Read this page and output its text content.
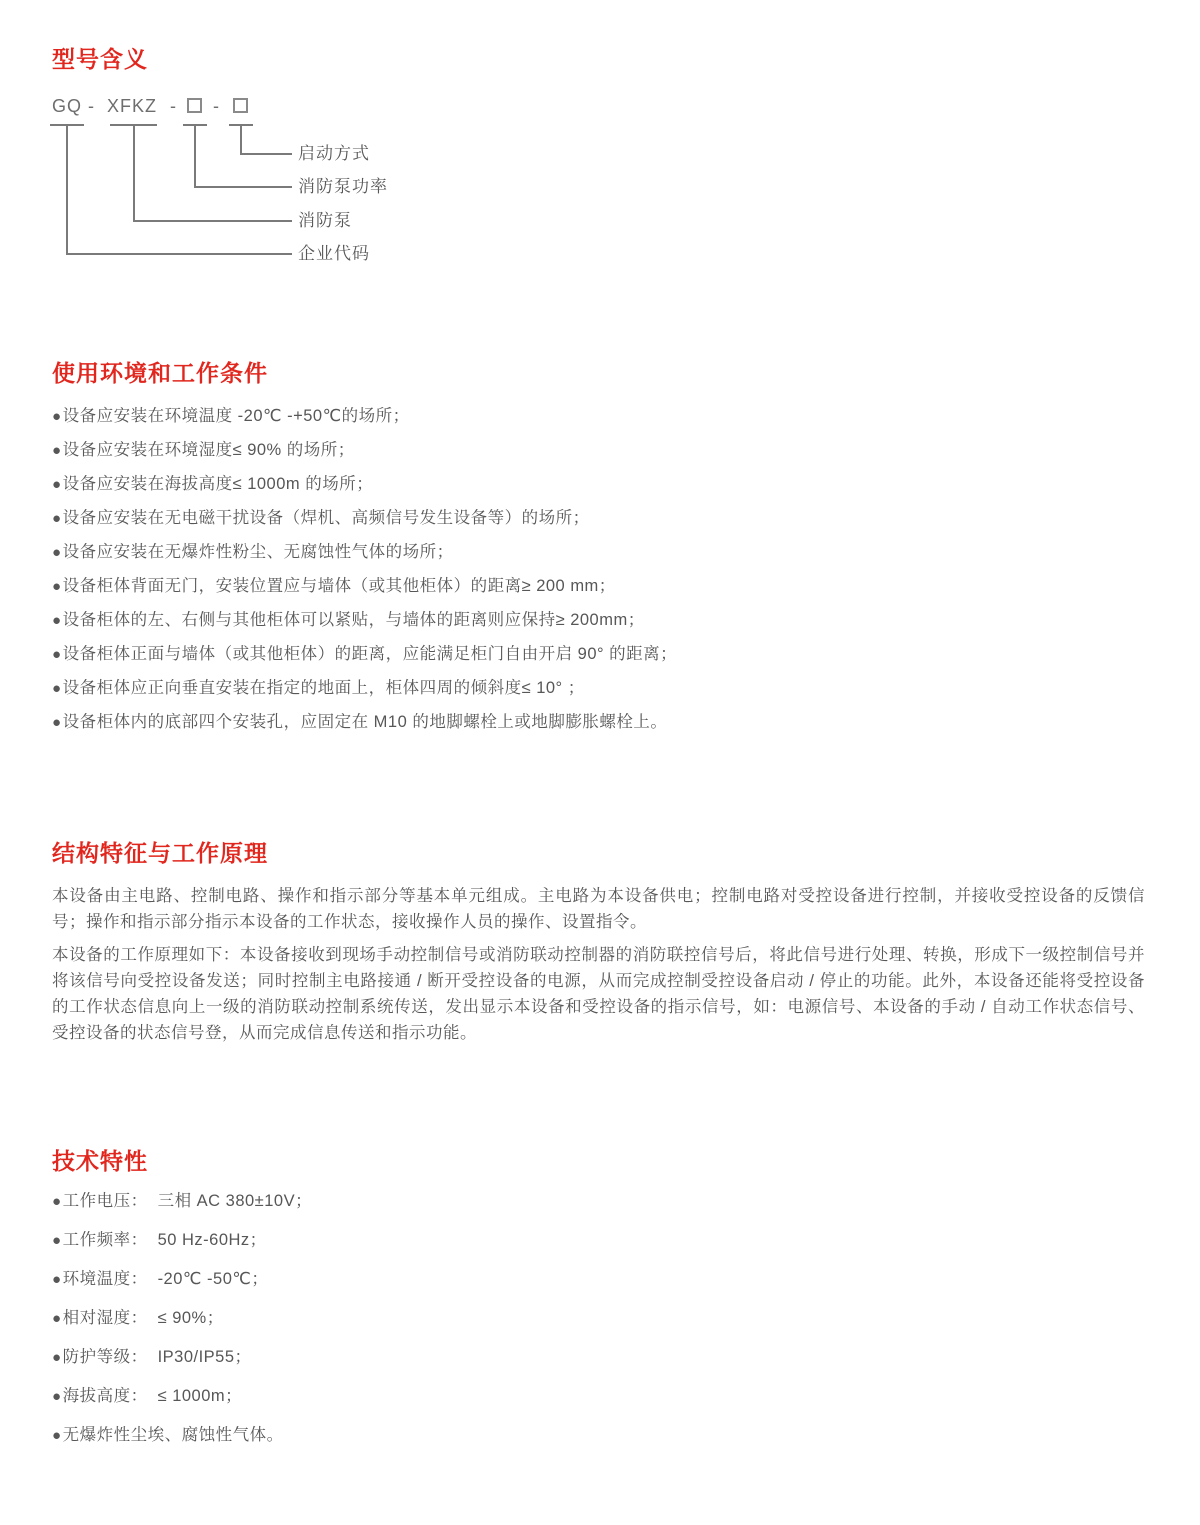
型号含义
GQ - XFKZ - -
启动方式
消防泵功率
消防泵
企业代码
使用环境和工作条件
●设备应安装在环境温度 -20℃ -+50℃的场所；
●设备应安装在环境湿度≤ 90% 的场所；
●设备应安装在海拔高度≤ 1000m 的场所；
●设备应安装在无电磁干扰设备（焊机、高频信号发生设备等）的场所；
●设备应安装在无爆炸性粉尘、无腐蚀性气体的场所；
●设备柜体背面无门，安装位置应与墙体（或其他柜体）的距离≥ 200 mm；
●设备柜体的左、右侧与其他柜体可以紧贴，与墙体的距离则应保持≥ 200mm；
●设备柜体正面与墙体（或其他柜体）的距离，应能满足柜门自由开启 90° 的距离；
●设备柜体应正向垂直安装在指定的地面上，柜体四周的倾斜度≤ 10° ；
●设备柜体内的底部四个安装孔，应固定在 M10 的地脚螺栓上或地脚膨胀螺栓上。
结构特征与工作原理

本设备由主电路、控制电路、操作和指示部分等基本单元组成。主电路为本设备供电；控制电路对受控设备进行控制，并接收受控设备的反馈信号；操作和指示部分指示本设备的工作状态，接收操作人员的操作、设置指令。

本设备的工作原理如下：本设备接收到现场手动控制信号或消防联动控制器的消防联控信号后，将此信号进行处理、转换，形成下一级控制信号并将该信号向受控设备发送；同时控制主电路接通 / 断开受控设备的电源，从而完成控制受控设备启动 / 停止的功能。此外，本设备还能将受控设备的工作状态信息向上一级的消防联动控制系统传送，发出显示本设备和受控设备的指示信号，如：电源信号、本设备的手动 / 自动工作状态信号、受控设备的状态信号登，从而完成信息传送和指示功能。

技术特性
●工作电压： 三相 AC 380±10V；
●工作频率： 50 Hz-60Hz；
●环境温度： -20℃ -50℃；
●相对湿度： ≤ 90%；
●防护等级： IP30/IP55；
●海拔高度： ≤ 1000m；
●无爆炸性尘埃、腐蚀性气体。
